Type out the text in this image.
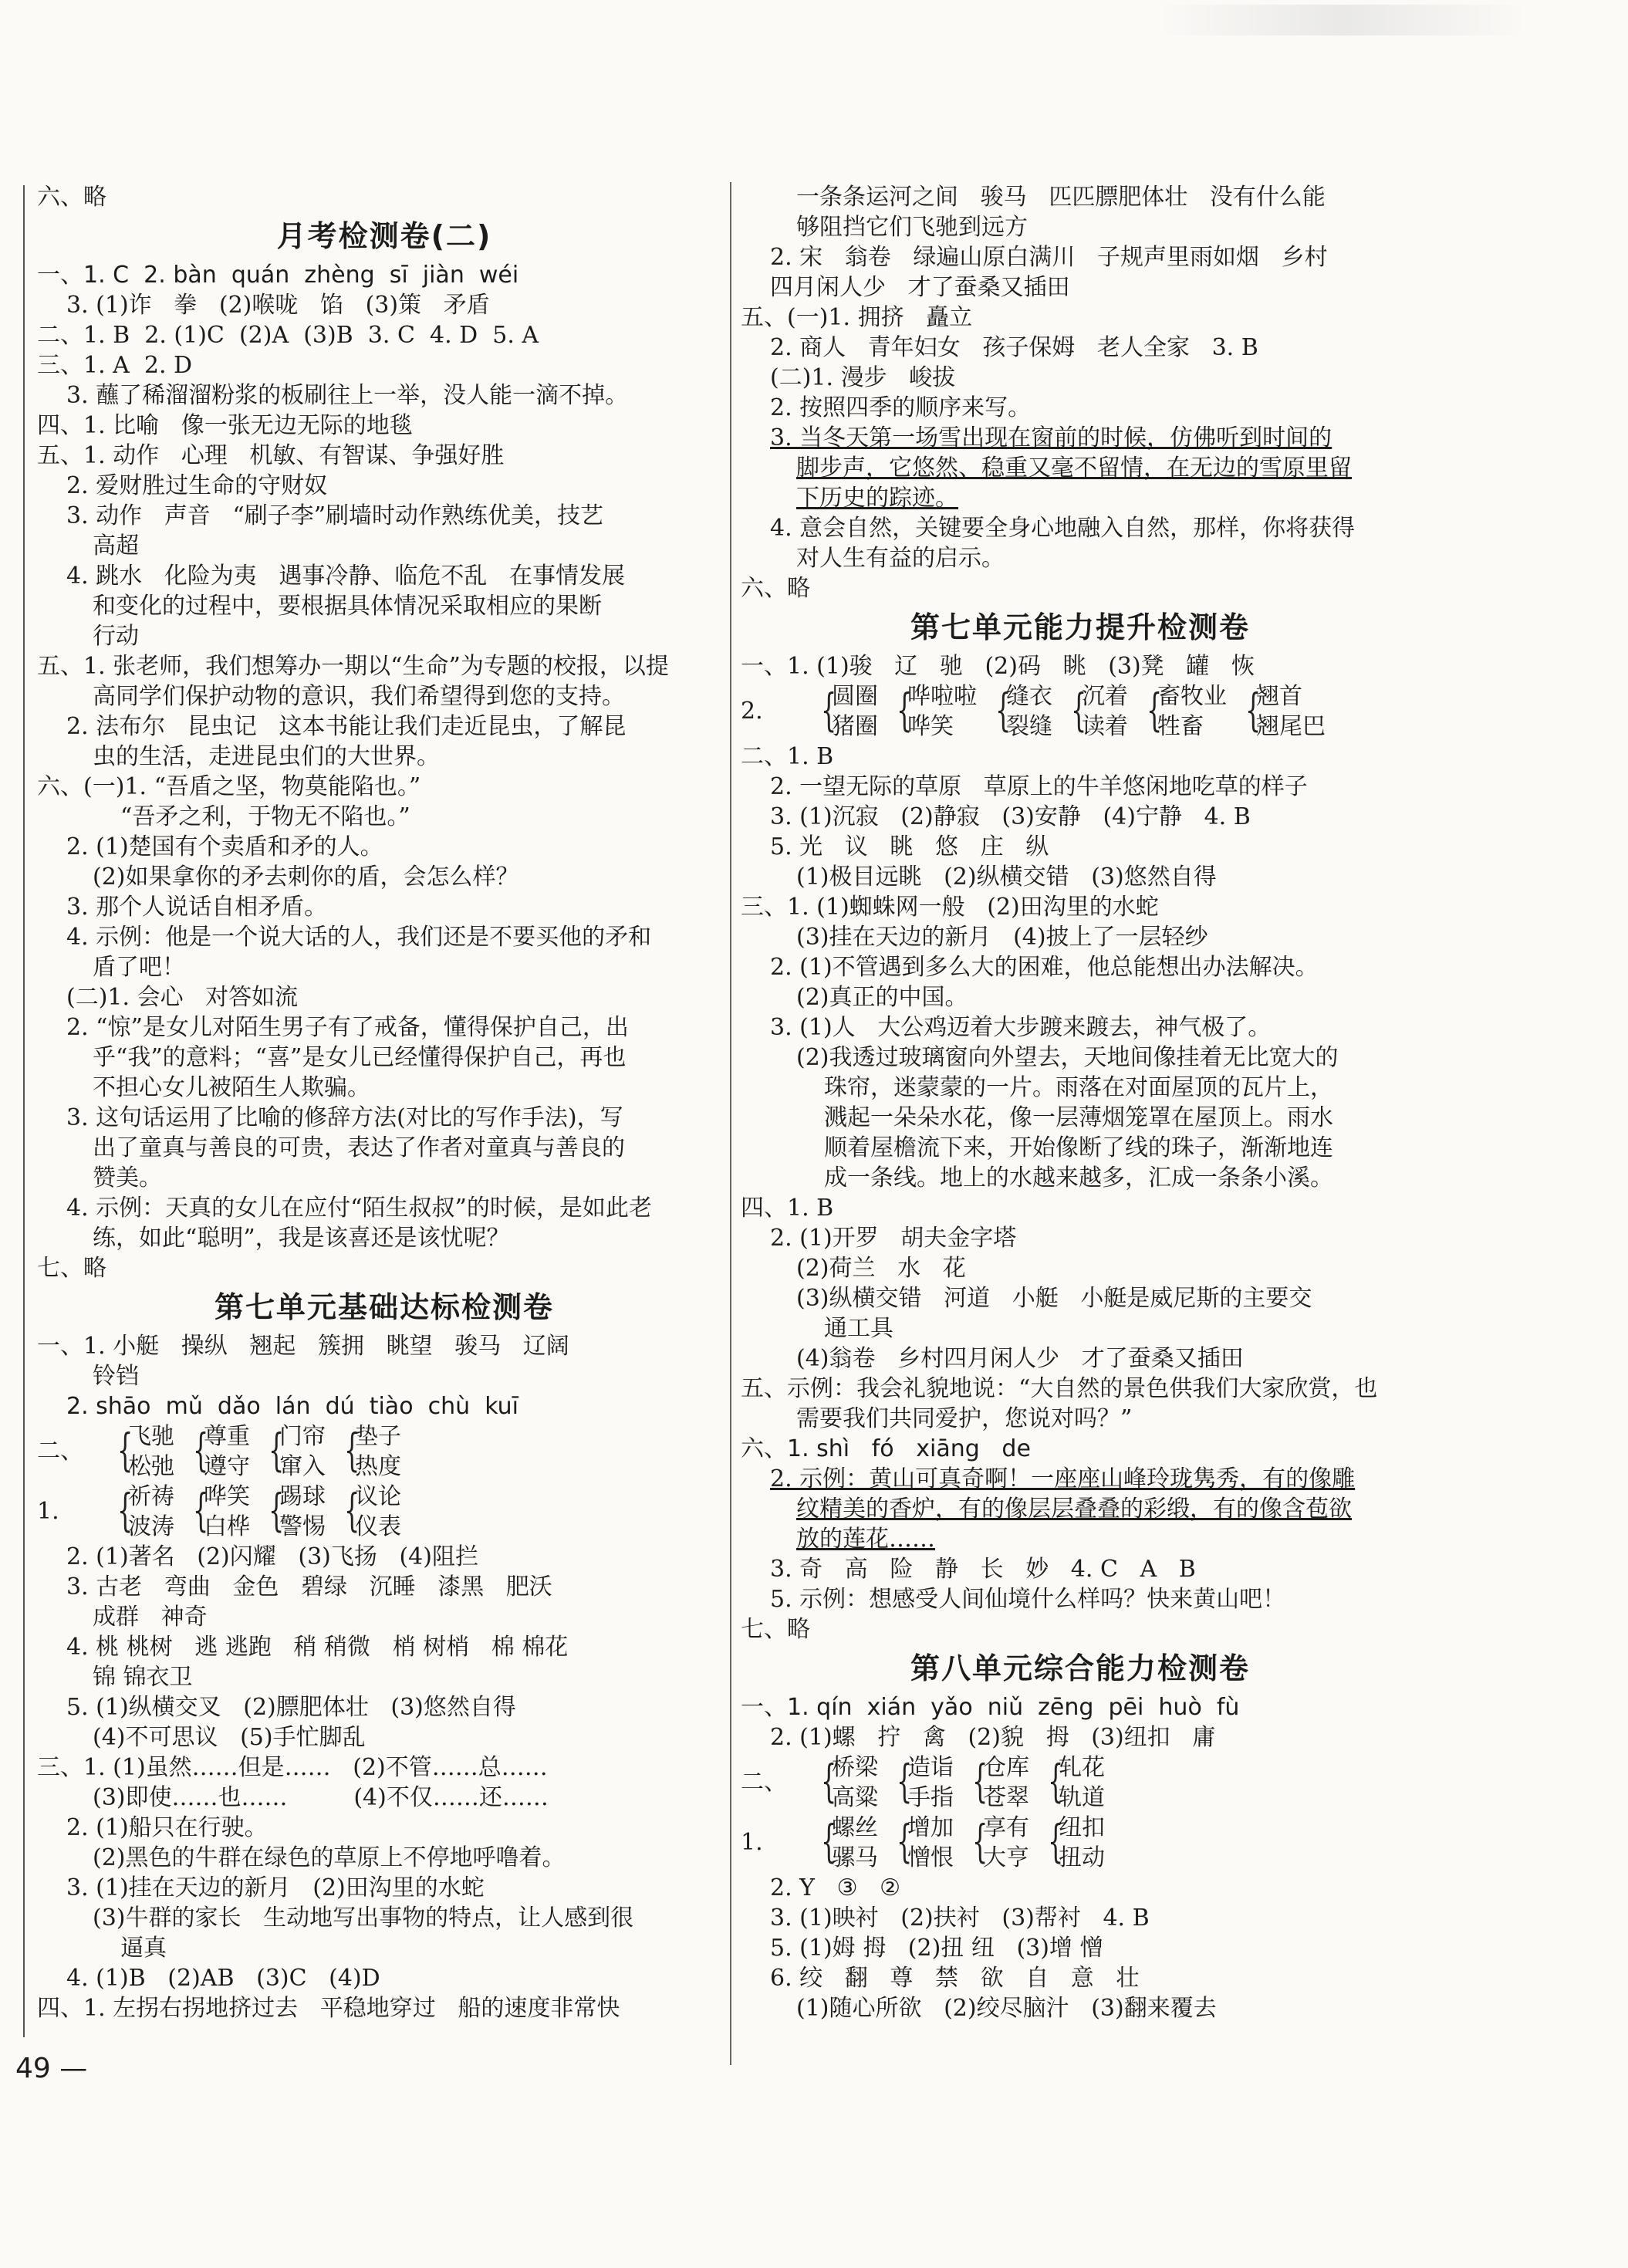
六、略
月考检测卷(二)
一、1. C  2. bàn  quán  zhèng  sī  jiàn  wéi
3. (1)诈   拳   (2)喉咙   馅   (3)策   矛盾
二、1. B  2. (1)C  (2)A  (3)B  3. C  4. D  5. A
三、1. A  2. D
3. 蘸了稀溜溜粉浆的板刷往上一举，没人能一滴不掉。
四、1. 比喻   像一张无边无际的地毯
五、1. 动作   心理   机敏、有智谋、争强好胜
2. 爱财胜过生命的守财奴
3. 动作   声音   “刷子李”刷墙时动作熟练优美，技艺
高超
4. 跳水   化险为夷   遇事冷静、临危不乱   在事情发展
和变化的过程中，要根据具体情况采取相应的果断
行动
五、1. 张老师，我们想筹办一期以“生命”为专题的校报，以提
高同学们保护动物的意识，我们希望得到您的支持。
2. 法布尔   昆虫记   这本书能让我们走近昆虫，了解昆
虫的生活，走进昆虫们的大世界。
六、(一)1. “吾盾之坚，物莫能陷也。”
“吾矛之利，于物无不陷也。”
2. (1)楚国有个卖盾和矛的人。
(2)如果拿你的矛去刺你的盾，会怎么样？
3. 那个人说话自相矛盾。
4. 示例：他是一个说大话的人，我们还是不要买他的矛和
盾了吧！
(二)1. 会心   对答如流
2. “惊”是女儿对陌生男子有了戒备，懂得保护自己，出
乎“我”的意料；“喜”是女儿已经懂得保护自己，再也
不担心女儿被陌生人欺骗。
3. 这句话运用了比喻的修辞方法(对比的写作手法)，写
出了童真与善良的可贵，表达了作者对童真与善良的
赞美。
4. 示例：天真的女儿在应付“陌生叔叔”的时候，是如此老
练，如此“聪明”，我是该喜还是该忧呢？
七、略
第七单元基础达标检测卷
一、1. 小艇   操纵   翘起   簇拥   眺望   骏马   辽阔
铃铛
2. shāo  mǔ  dǎo  lán  dú  tiào  chù  kuī
二、1.
{
飞驰
松弛 {
尊重
遵守 {
门帘
窜入 {
垫子
热度
{
祈祷
波涛 {
哗笑
白桦 {
踢球
警惕 {
议论
仪表
2. (1)著名   (2)闪耀   (3)飞扬   (4)阻拦
3. 古老   弯曲   金色   碧绿   沉睡   漆黑   肥沃
成群   神奇
4. 桃 桃树   逃 逃跑   稍 稍微   梢 树梢   棉 棉花
锦 锦衣卫
5. (1)纵横交叉   (2)膘肥体壮   (3)悠然自得
(4)不可思议   (5)手忙脚乱
三、1. (1)虽然……但是……   (2)不管……总……
(3)即使……也……         (4)不仅……还……
2. (1)船只在行驶。
(2)黑色的牛群在绿色的草原上不停地呼噜着。
3. (1)挂在天边的新月   (2)田沟里的水蛇
(3)牛群的家长   生动地写出事物的特点，让人感到很
逼真
4. (1)B   (2)AB   (3)C   (4)D
四、1. 左拐右拐地挤过去   平稳地穿过   船的速度非常快
一条条运河之间   骏马   匹匹膘肥体壮   没有什么能
够阻挡它们飞驰到远方
2. 宋   翁卷   绿遍山原白满川   子规声里雨如烟   乡村
四月闲人少   才了蚕桑又插田
五、(一)1. 拥挤   矗立
2. 商人   青年妇女   孩子保姆   老人全家   3. B
(二)1. 漫步   峻拔
2. 按照四季的顺序来写。
3. 当冬天第一场雪出现在窗前的时候，仿佛听到时间的
脚步声，它悠然、稳重又毫不留情，在无边的雪原里留
下历史的踪迹。
4. 意会自然，关键要全身心地融入自然，那样，你将获得
对人生有益的启示。
六、略
第七单元能力提升检测卷
一、1. (1)骏   辽   驰   (2)码   眺   (3)凳   罐   恢
2.	{
圆圈
猪圈 {
哗啦啦
哗笑 {
缝衣
裂缝 {
沉着
读着 {
畜牧业
牲畜 {
翘首
翘尾巴
二、1. B
2. 一望无际的草原   草原上的牛羊悠闲地吃草的样子
3. (1)沉寂   (2)静寂   (3)安静   (4)宁静   4. B
5. 光   议   眺   悠   庄   纵
(1)极目远眺   (2)纵横交错   (3)悠然自得
三、1. (1)蜘蛛网一般   (2)田沟里的水蛇
(3)挂在天边的新月   (4)披上了一层轻纱
2. (1)不管遇到多么大的困难，他总能想出办法解决。
(2)真正的中国。
3. (1)人   大公鸡迈着大步踱来踱去，神气极了。
(2)我透过玻璃窗向外望去，天地间像挂着无比宽大的
珠帘，迷蒙蒙的一片。雨落在对面屋顶的瓦片上，
溅起一朵朵水花，像一层薄烟笼罩在屋顶上。雨水
顺着屋檐流下来，开始像断了线的珠子，渐渐地连
成一条线。地上的水越来越多，汇成一条条小溪。
四、1. B
2. (1)开罗   胡夫金字塔
(2)荷兰   水   花
(3)纵横交错   河道   小艇   小艇是威尼斯的主要交
通工具
(4)翁卷   乡村四月闲人少   才了蚕桑又插田
五、示例：我会礼貌地说：“大自然的景色供我们大家欣赏，也
需要我们共同爱护，您说对吗？”
六、1. shì   fó   xiāng   de
2. 示例：黄山可真奇啊！一座座山峰玲珑隽秀，有的像雕
纹精美的香炉，有的像层层叠叠的彩缎，有的像含苞欲
放的莲花……
3. 奇   高   险   静   长   妙   4. C   A   B
5. 示例：想感受人间仙境什么样吗？快来黄山吧！
七、略
第八单元综合能力检测卷
一、1. qín  xián  yǎo  niǔ  zēng  pēi  huò  fù
2. (1)螺   拧   禽   (2)貌   拇   (3)纽扣   庸
二、1.
{
桥梁
高粱 {
造诣
手指 {
仓库
苍翠 {
轧花
轨道
{
螺丝
骡马 {
增加
憎恨 {
享有
大亨 {
纽扣
扭动
2. Y   ③   ②
3. (1)映衬   (2)扶衬   (3)帮衬   4. B
5. (1)姆 拇   (2)扭 纽   (3)增 憎
6. 绞   翻   尊   禁   欲   自   意   壮
(1)随心所欲   (2)绞尽脑汁   (3)翻来覆去
49 —
